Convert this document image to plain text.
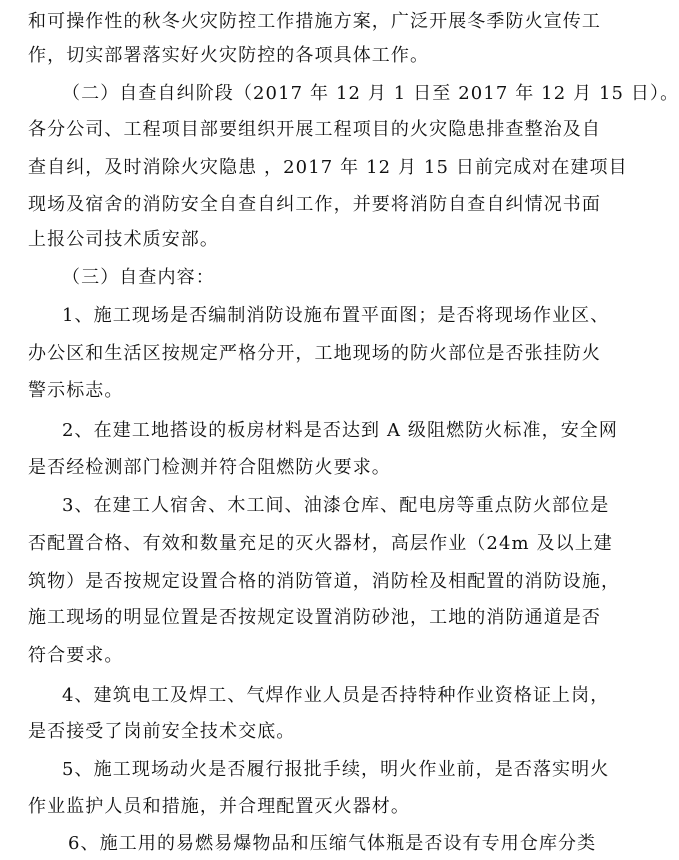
和可操作性的秋冬火灾防控工作措施方案，广泛开展冬季防火宣传工
作，切实部署落实好火灾防控的各项具体工作。
（二）自查自纠阶段（2017 年 12 月 1 日至 2017 年 12 月 15 日）。
各分公司、工程项目部要组织开展工程项目的火灾隐患排查整治及自
查自纠，及时消除火灾隐患 ，2017 年 12 月 15 日前完成对在建项目
现场及宿舍的消防安全自查自纠工作，并要将消防自查自纠情况书面
上报公司技术质安部。
（三）自查内容：
1、施工现场是否编制消防设施布置平面图；是否将现场作业区、
办公区和生活区按规定严格分开，工地现场的防火部位是否张挂防火
警示标志。
2、在建工地搭设的板房材料是否达到 A 级阻燃防火标准，安全网
是否经检测部门检测并符合阻燃防火要求。
3、在建工人宿舍、木工间、油漆仓库、配电房等重点防火部位是
否配置合格、有效和数量充足的灭火器材，高层作业（24m 及以上建
筑物）是否按规定设置合格的消防管道，消防栓及相配置的消防设施，
施工现场的明显位置是否按规定设置消防砂池，工地的消防通道是否
符合要求。
4、建筑电工及焊工、气焊作业人员是否持特种作业资格证上岗，
是否接受了岗前安全技术交底。
5、施工现场动火是否履行报批手续，明火作业前，是否落实明火
作业监护人员和措施，并合理配置灭火器材。
6、施工用的易燃易爆物品和压缩气体瓶是否设有专用仓库分类
